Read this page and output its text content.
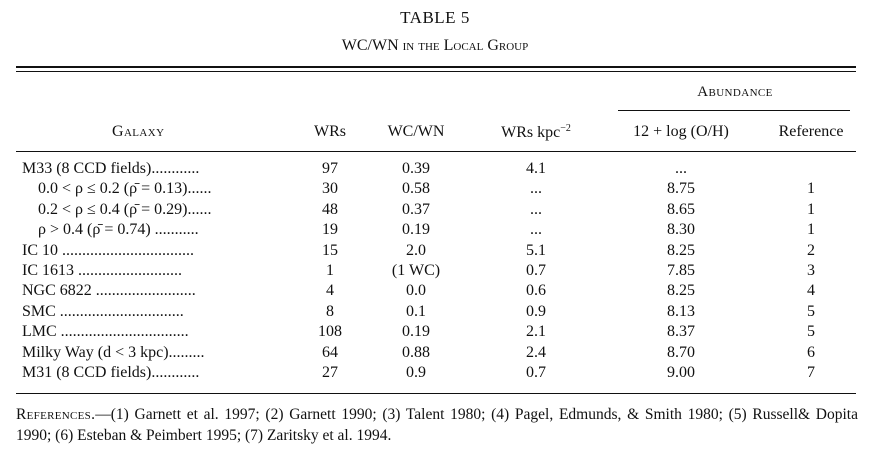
TABLE 5
WC/WN in the Local Group
Abundance
Galaxy	WRs	WC/WN	WRs kpc$^{-2}$	12 + log (O/H)	Reference
M33 (8 CCD fields)............	97	0.39	4.1	...
0.0 < ρ ≤ 0.2 (ρ̄ = 0.13)......	30	0.58	...	8.75	1
0.2 < ρ ≤ 0.4 (ρ̄ = 0.29)......	48	0.37	...	8.65	1
ρ > 0.4 (ρ̄ = 0.74) ...........	19	0.19	...	8.30	1
IC 10 .................................	15	2.0	5.1	8.25	2
IC 1613 ..........................	1	(1 WC)	0.7	7.85	3
NGC 6822 .........................	4	0.0	0.6	8.25	4
SMC ...............................	8	0.1	0.9	8.13	5
LMC ................................	108	0.19	2.1	8.37	5
Milky Way (d < 3 kpc).........	64	0.88	2.4	8.70	6
M31 (8 CCD fields)............	27	0.9	0.7	9.00	7
References.—(1) Garnett et al. 1997; (2) Garnett 1990; (3) Talent 1980; (4) Pagel, Edmunds, & Smith 1980; (5) Russell& Dopita 1990; (6) Esteban & Peimbert 1995; (7) Zaritsky et al. 1994.
